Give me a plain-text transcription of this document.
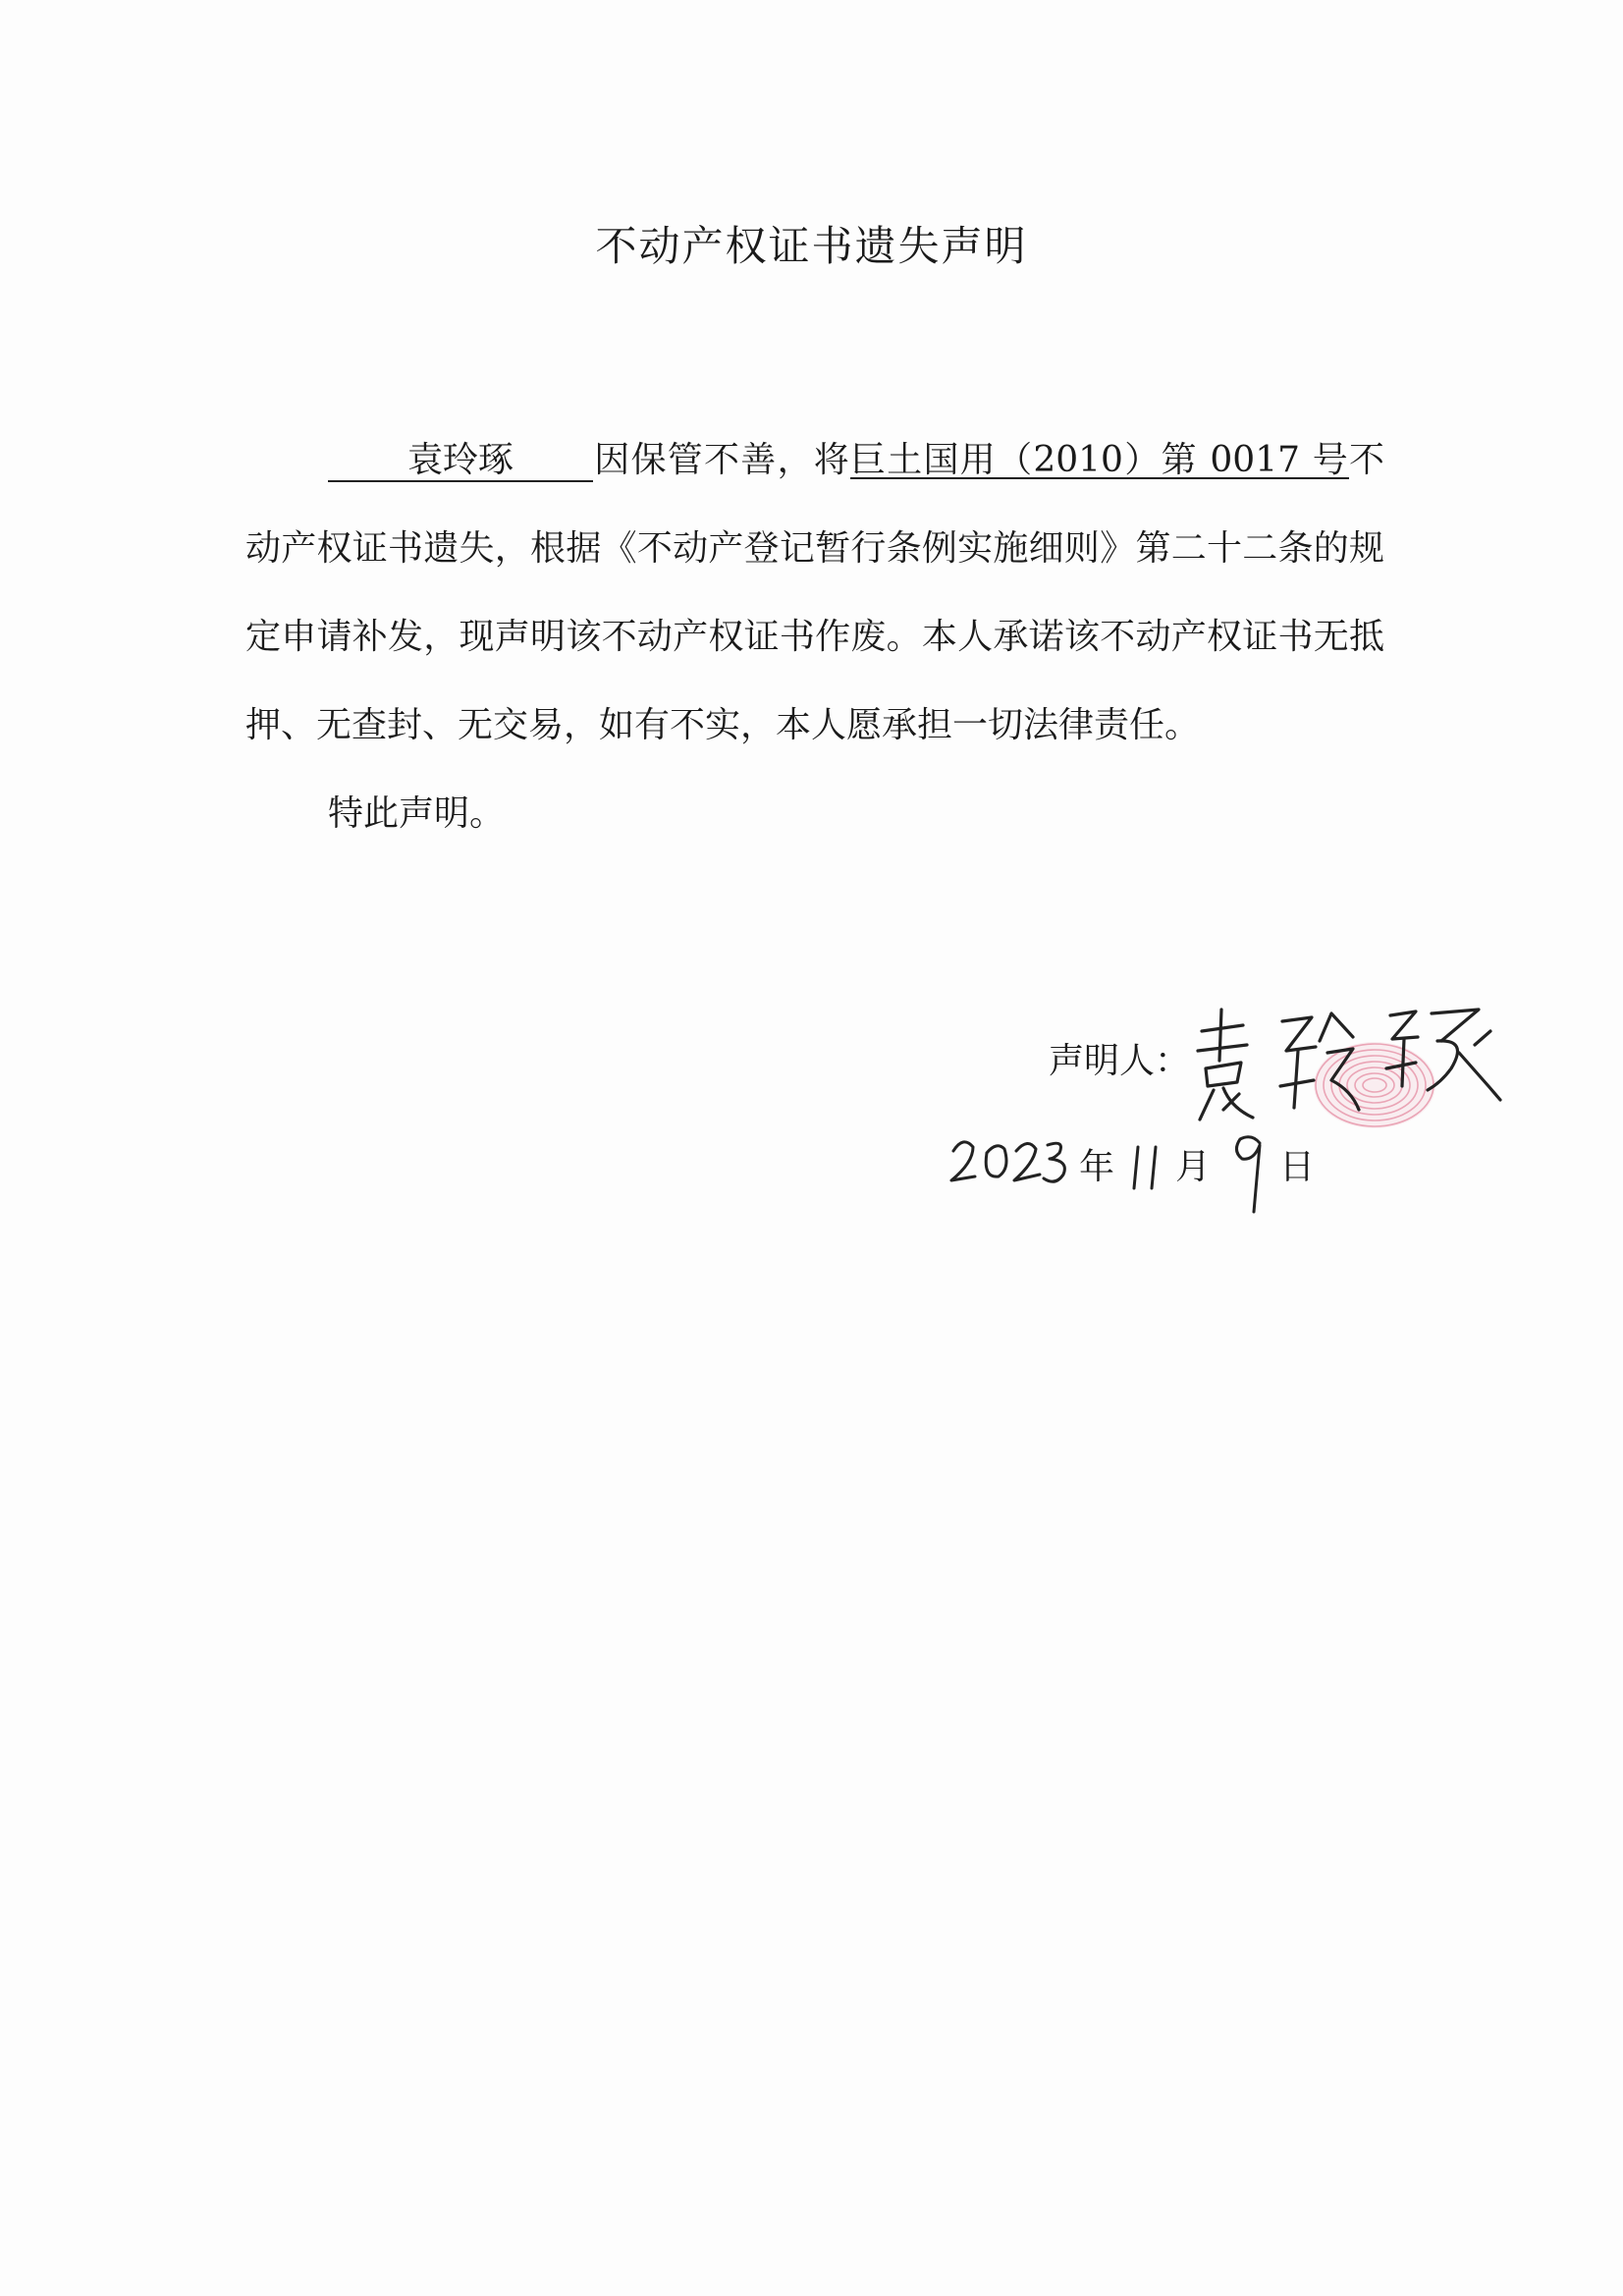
不动产权证书遗失声明

袁玲琢 因保管不善，将巨土国用（2010）第 0017 号不动产权证书遗失，根据《不动产登记暂行条例实施细则》第二十二条的规定申请补发，现声明该不动产权证书作废。本人承诺该不动产权证书无抵押、无查封、无交易，如有不实，本人愿承担一切法律责任。

特此声明。

声明人：
年 月 日
